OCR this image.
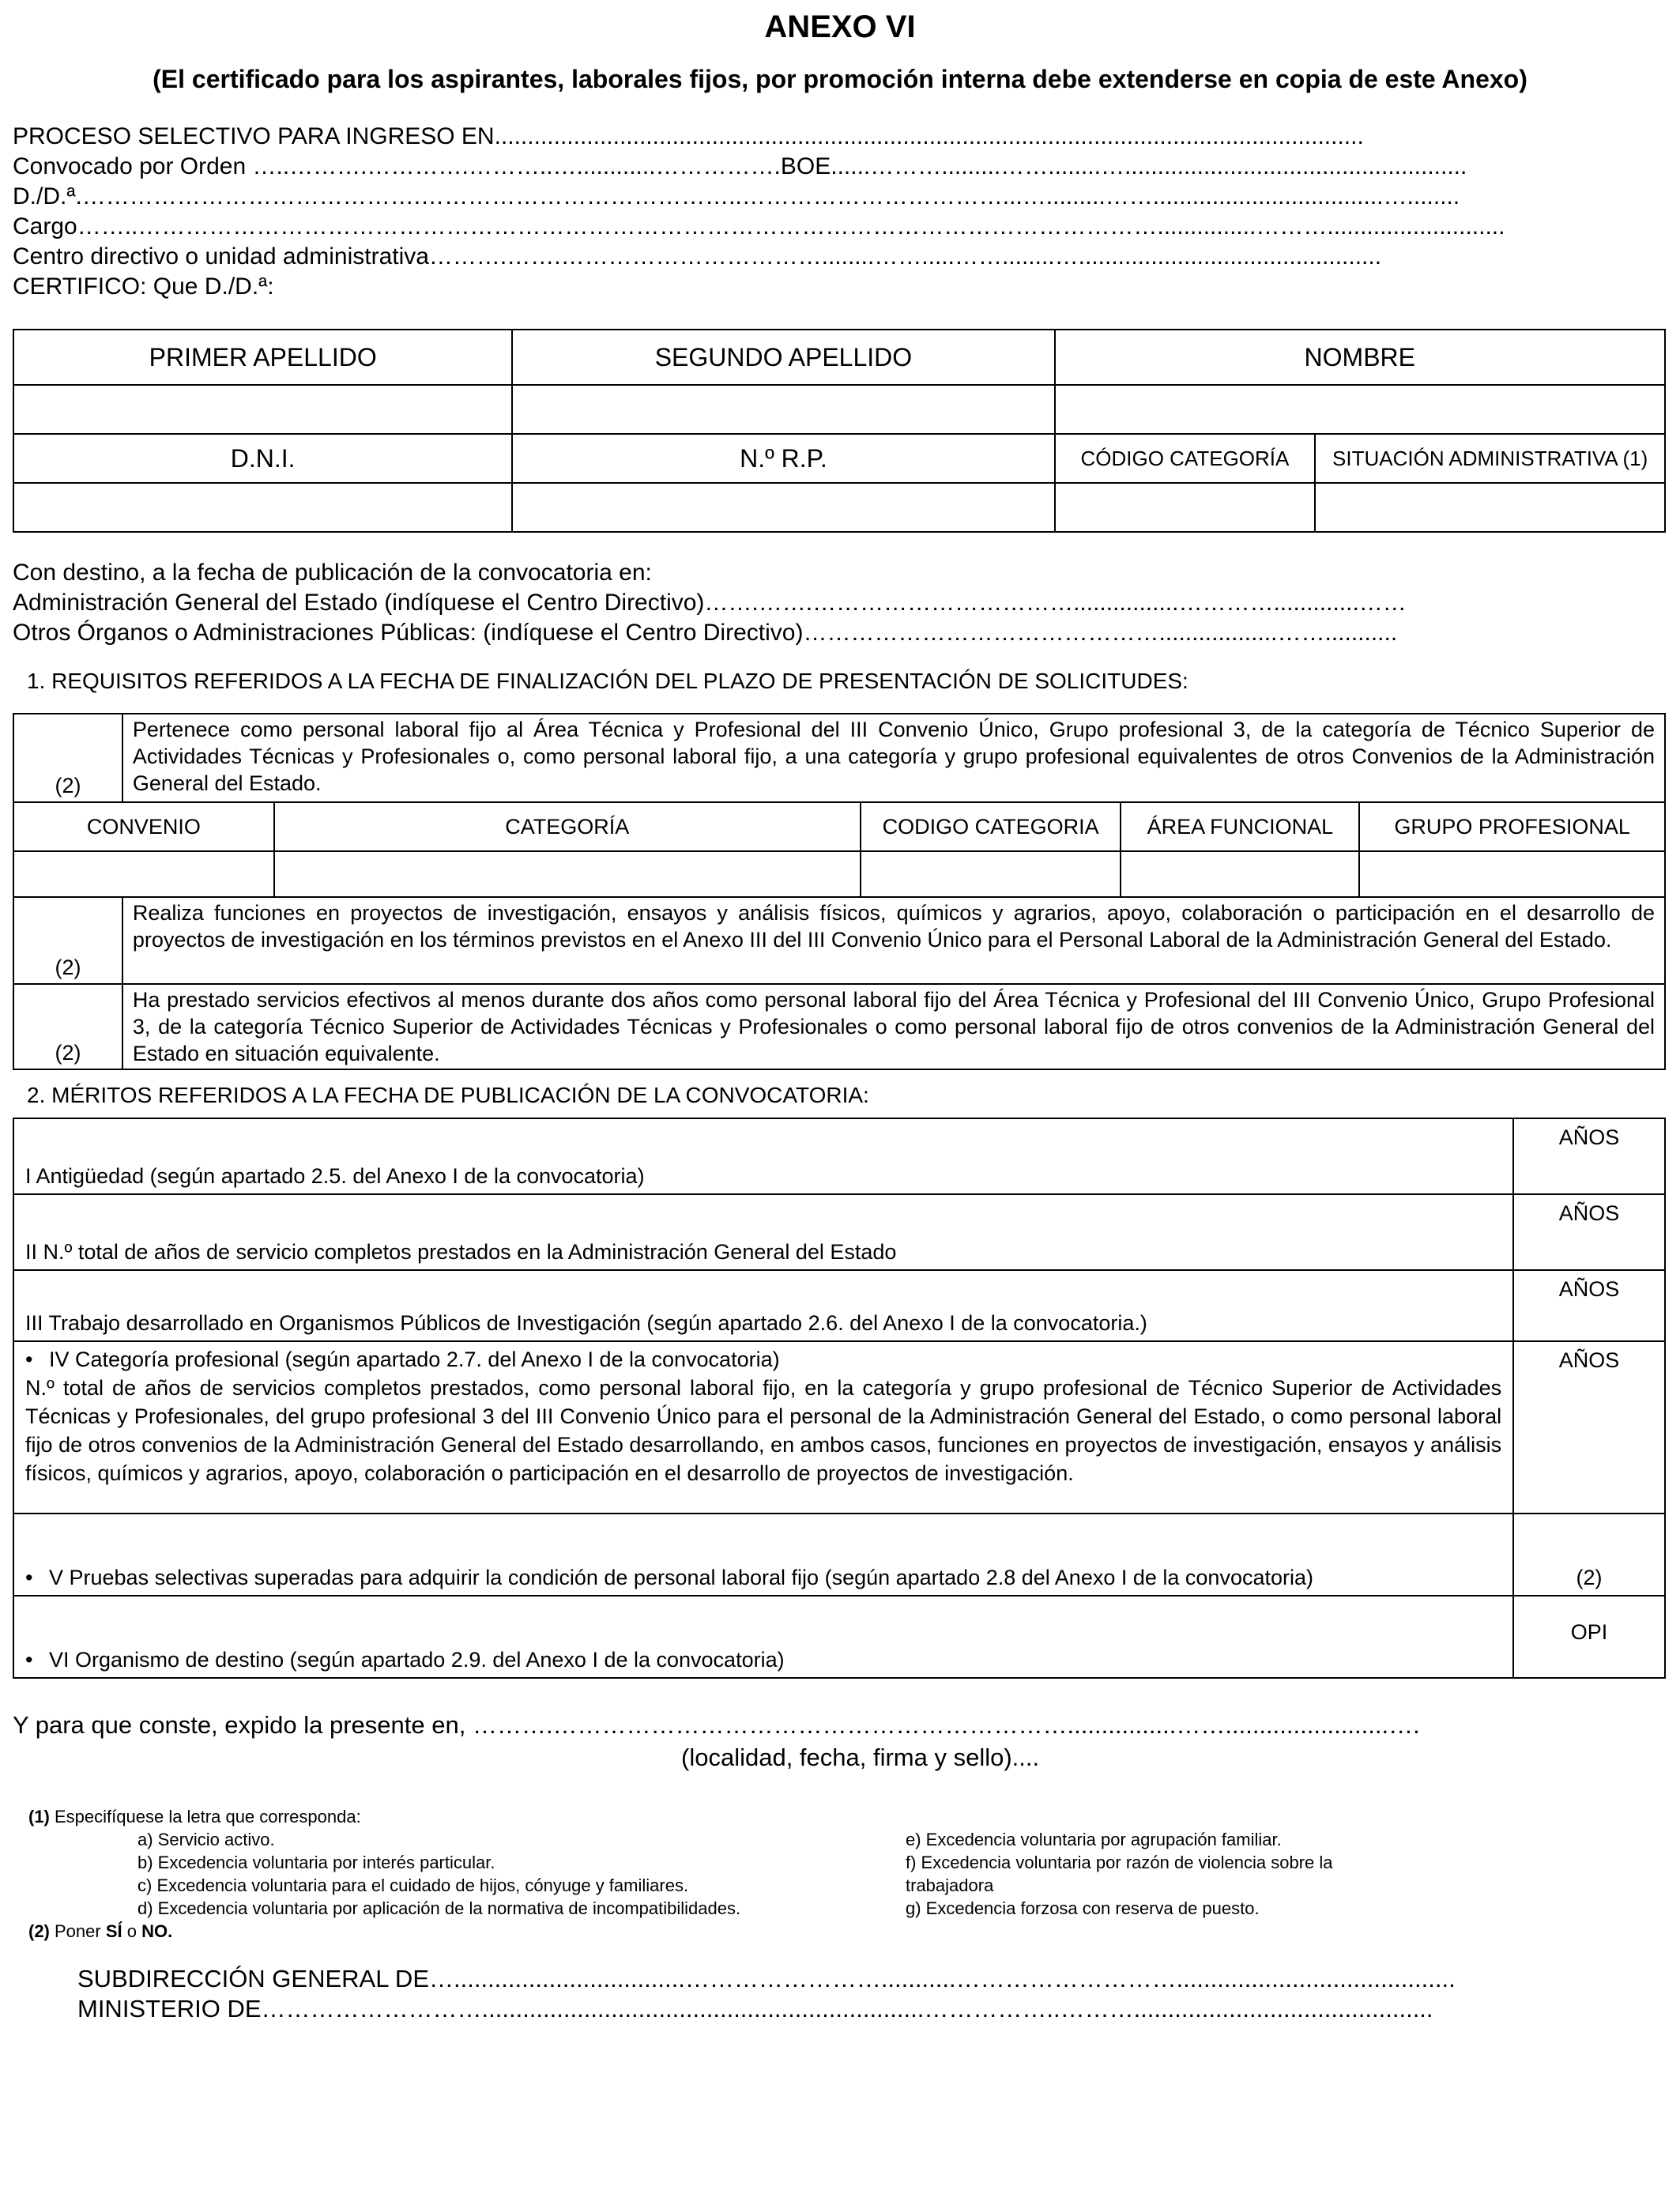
ANEXO VI
(El certificado para los aspirantes, laborales fijos, por promoción interna debe extenderse en copia de este Anexo)
PROCESO SELECTIVO PARA INGRESO EN....................................................................................................................................
Convocado por Orden …..……….………….………..…............…………….BOE......……….........……........…....................................................
D./D.ª.…………………………………….…………………………………..……………………………...….........……...................................…........
Cargo……..…………………………………………………………………………………………………………………...............………...........................
Centro directivo o unidad administrativa……….…….……………………………........…….....……........…..............................................
CERTIFICO: Que D./D.ª:
PRIMER APELLIDO	SEGUNDO APELLIDO	NOMBRE	

D.N.I.	N.º R.P.	CÓDIGO CATEGORÍA	SITUACIÓN ADMINISTRATIVA (1)

Con destino, a la fecha de publicación de la convocatoria en:
Administración General del Estado (indíquese el Centro Directivo)…….…….……………………………................………….............……
Otros Órganos o Administraciones Públicas: (indíquese el Centro Directivo)………………………………………..................……...........
1. REQUISITOS REFERIDOS A LA FECHA DE FINALIZACIÓN DEL PLAZO DE PRESENTACIÓN DE SOLICITUDES:
(2)	Pertenece como personal laboral fijo al Área Técnica y Profesional del III Convenio Único, Grupo profesional 3, de la categoría de Técnico Superior de Actividades Técnicas y Profesionales o, como personal laboral fijo, a una categoría y grupo profesional equivalentes de otros Convenios de la Administración General del Estado.				
CONVENIO		CATEGORÍA	CODIGO CATEGORIA	ÁREA FUNCIONAL	GRUPO PROFESIONAL

(2)	Realiza funciones en proyectos de investigación, ensayos y análisis físicos, químicos y agrarios, apoyo, colaboración o participación en el desarrollo de proyectos de investigación en los términos previstos en el Anexo III del III Convenio Único para el Personal Laboral de la Administración General del Estado.				
(2)	Ha prestado servicios efectivos al menos durante dos años como personal laboral fijo del Área Técnica y Profesional del III Convenio Único, Grupo Profesional 3, de la categoría Técnico Superior de Actividades Técnicas y Profesionales o como personal laboral fijo de otros convenios de la Administración General del Estado en situación equivalente.				
2. MÉRITOS REFERIDOS A LA FECHA DE PUBLICACIÓN DE LA CONVOCATORIA:
I Antigüedad (según apartado 2.5. del Anexo I de la convocatoria)	AÑOS
II N.º total de años de servicio completos prestados en la Administración General del Estado	AÑOS
III Trabajo desarrollado en Organismos Públicos de Investigación (según apartado 2.6. del Anexo I de la convocatoria.)	AÑOS
• IV Categoría profesional (según apartado 2.7. del Anexo I de la convocatoria)
N.º total de años de servicios completos prestados, como personal laboral fijo, en la categoría y grupo profesional de Técnico Superior de Actividades Técnicas y Profesionales, del grupo profesional 3 del III Convenio Único para el personal de la Administración General del Estado, o como personal laboral fijo de otros convenios de la Administración General del Estado desarrollando, en ambos casos, funciones en proyectos de investigación, ensayos y análisis físicos, químicos y agrarios, apoyo, colaboración o participación en el desarrollo de proyectos de investigación.	AÑOS
• V Pruebas selectivas superadas para adquirir la condición de personal laboral fijo (según apartado 2.8 del Anexo I de la convocatoria)	(2)
• VI Organismo de destino (según apartado 2.9. del Anexo I de la convocatoria)	OPI
Y para que conste, expido la presente en, ……….………………………………………………………................……........................….
(localidad, fecha, firma y sello)....
(1) Especifíquese la letra que corresponda:
a) Servicio activo.
b) Excedencia voluntaria por interés particular.
c) Excedencia voluntaria para el cuidado de hijos, cónyuge y familiares.
d) Excedencia voluntaria por aplicación de la normativa de incompatibilidades.
e) Excedencia voluntaria por agrupación familiar.
f) Excedencia voluntaria por razón de violencia sobre la
trabajadora
g) Excedencia forzosa con reserva de puesto.
(2) Poner SÍ o NO.
SUBDIRECCIÓN GENERAL DE…..................................……………………...........……………………….........................................
MINISTERIO DE……………………….................................................................……………..………............................................
